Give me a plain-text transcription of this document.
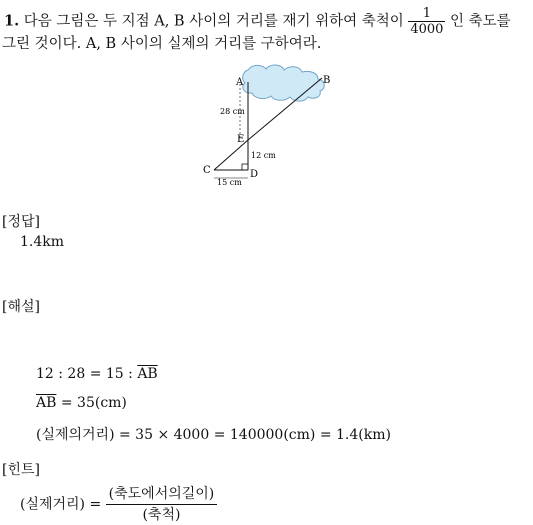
1. 다음 그림은 두 지점 A, B 사이의 거리를 재기 위하여 축척이 $\frac{1}{4000}$ 인 축도를
그린 것이다. A, B 사이의 실제의 거리를 구하여라.
A	B
E
C	D
28 cm
12 cm
15 cm
[정답]
1.4km
[해설]
12 : 28 = 15 : $\overline{AB}$
$\overline{AB} = 35(cm)$
(실제의거리) = 35 × 4000 = 140000(cm) = 1.4(km)
[힌트]
(실제거리) = $\frac{\text{(축도에서의길이)}}{\text{(축척)}}$
